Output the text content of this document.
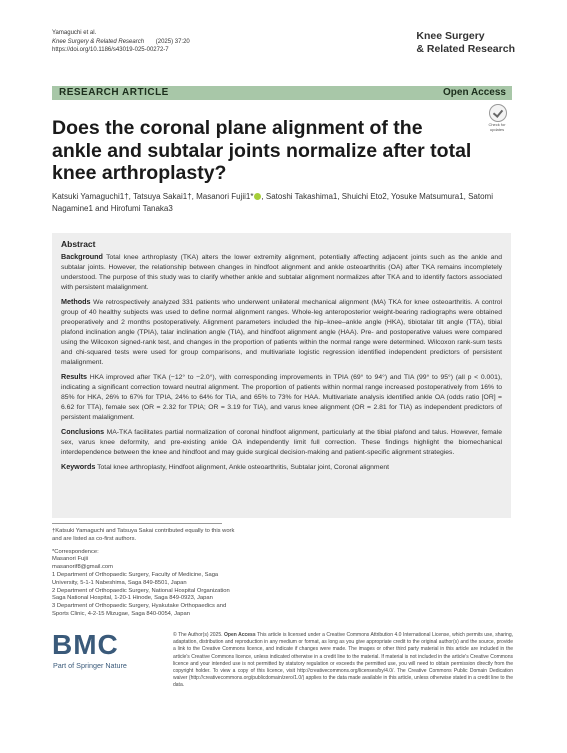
Yamaguchi et al.
Knee Surgery & Related Research (2025) 37:20
https://doi.org/10.1186/s43019-025-00272-7
Knee Surgery
& Related Research
RESEARCH ARTICLE	Open Access
Check for updates
Does the coronal plane alignment of the ankle and subtalar joints normalize after total knee arthroplasty?
Katsuki Yamaguchi1†, Tatsuya Sakai1†, Masanori Fujii1* , Satoshi Takashima1, Shuichi Eto2, Yosuke Matsumura1, Satomi Nagamine1 and Hirofumi Tanaka3
Abstract

Background Total knee arthroplasty (TKA) alters the lower extremity alignment, potentially affecting adjacent joints such as the ankle and subtalar joints. However, the relationship between changes in hindfoot alignment and ankle osteoarthritis (OA) after TKA remains incompletely understood. The purpose of this study was to clarify whether ankle and subtalar alignment normalizes after TKA and to identify factors associated with persistent malalignment.

Methods We retrospectively analyzed 331 patients who underwent unilateral mechanical alignment (MA) TKA for knee osteoarthritis. A control group of 40 healthy subjects was used to define normal alignment ranges. Whole-leg anteroposterior weight-bearing radiographs were obtained preoperatively and 2 months postoperatively. Alignment parameters included the hip–knee–ankle angle (HKA), tibiotalar tilt angle (TTA), tibial plafond inclination angle (TPIA), talar inclination angle (TIA), and hindfoot alignment angle (HAA). Pre- and postoperative values were compared using the Wilcoxon signed-rank test, and changes in the proportion of patients within the normal range were determined. Wilcoxon rank-sum tests and chi-squared tests were used for group comparisons, and multivariate logistic regression identified independent predictors of persistent malalignment.

Results HKA improved after TKA (−12° to −2.0°), with corresponding improvements in TPIA (69° to 94°) and TIA (99° to 95°) (all p < 0.001), indicating a significant correction toward neutral alignment. The proportion of patients within normal range increased postoperatively from 16% to 85% for HKA, 26% to 67% for TPIA, 24% to 64% for TIA, and 65% to 73% for HAA. Multivariate analysis identified ankle OA (odds ratio [OR] = 6.62 for TTA), female sex (OR = 2.32 for TPIA; OR = 3.19 for TIA), and varus knee alignment (OR = 2.81 for TIA) as independent predictors of persistent malalignment.

Conclusions MA-TKA facilitates partial normalization of coronal hindfoot alignment, particularly at the tibial plafond and talus. However, female sex, varus knee deformity, and pre-existing ankle OA independently limit full correction. These findings highlight the biomechanical interdependence between the knee and hindfoot and may guide surgical decision-making and patient-specific alignment strategies.

Keywords Total knee arthroplasty, Hindfoot alignment, Ankle osteoarthritis, Subtalar joint, Coronal alignment

†Katsuki Yamaguchi and Tatsuya Sakai contributed equally to this work and are listed as co-first authors.

*Correspondence:
Masanori Fujii
masanorif8@gmail.com
1 Department of Orthopaedic Surgery, Faculty of Medicine, Saga University, 5-1-1 Nabeshima, Saga 849-8501, Japan
2 Department of Orthopaedic Surgery, National Hospital Organization Saga National Hospital, 1-20-1 Hinode, Saga 849-0923, Japan
3 Department of Orthopaedic Surgery, Hyakutake Orthopaedics and Sports Clinic, 4-2-15 Mizugae, Saga 840-0054, Japan

BMC
Part of Springer Nature
© The Author(s) 2025. Open Access This article is licensed under a Creative Commons Attribution 4.0 International License, which permits use, sharing, adaptation, distribution and reproduction in any medium or format, as long as you give appropriate credit to the original author(s) and the source, provide a link to the Creative Commons licence, and indicate if changes were made. The images or other third party material in this article are included in the article's Creative Commons licence, unless indicated otherwise in a credit line to the material. If material is not included in the article's Creative Commons licence and your intended use is not permitted by statutory regulation or exceeds the permitted use, you will need to obtain permission directly from the copyright holder. To view a copy of this licence, visit http://creativecommons.org/licenses/by/4.0/. The Creative Commons Public Domain Dedication waiver (http://creativecommons.org/publicdomain/zero/1.0/) applies to the data made available in this article, unless otherwise stated in a credit line to the data.
